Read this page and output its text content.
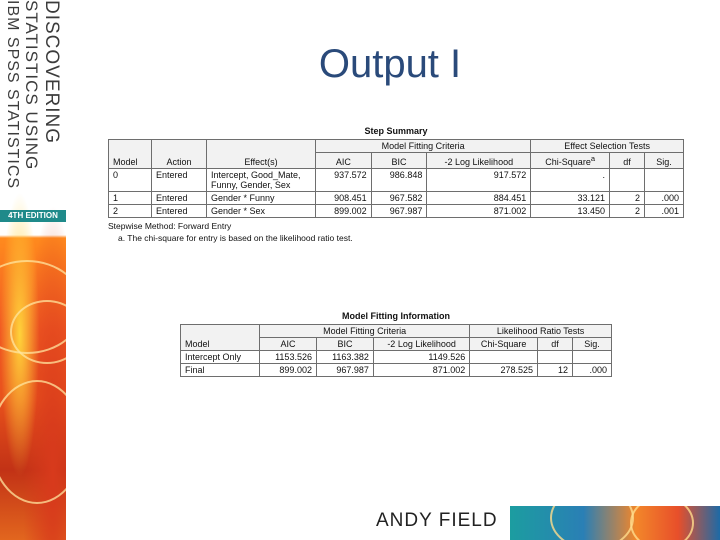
DISCOVERING
STATISTICS USING
IBM SPSS STATISTICS
4TH EDITION
Output I
Step Summary
Model	Action	Effect(s)	Model Fitting Criteria			Effect Selection Tests		
			AIC	BIC	-2 Log Likelihood	Chi-Square$^a$	df	Sig.
0	Entered	Intercept, Good_Mate, Funny, Gender, Sex	937.572	986.848	917.572	.		
1	Entered	Gender * Funny	908.451	967.582	884.451	33.121	2	.000
2	Entered	Gender * Sex	899.002	967.987	871.002	13.450	2	.001
Stepwise Method: Forward Entry
a. The chi-square for entry is based on the likelihood ratio test.
Model Fitting Information
Model	Model Fitting Criteria			Likelihood Ratio Tests		
	AIC	BIC	-2 Log Likelihood	Chi-Square	df	Sig.
Intercept Only	1153.526	1163.382	1149.526			
Final	899.002	967.987	871.002	278.525	12	.000
ANDY FIELD
